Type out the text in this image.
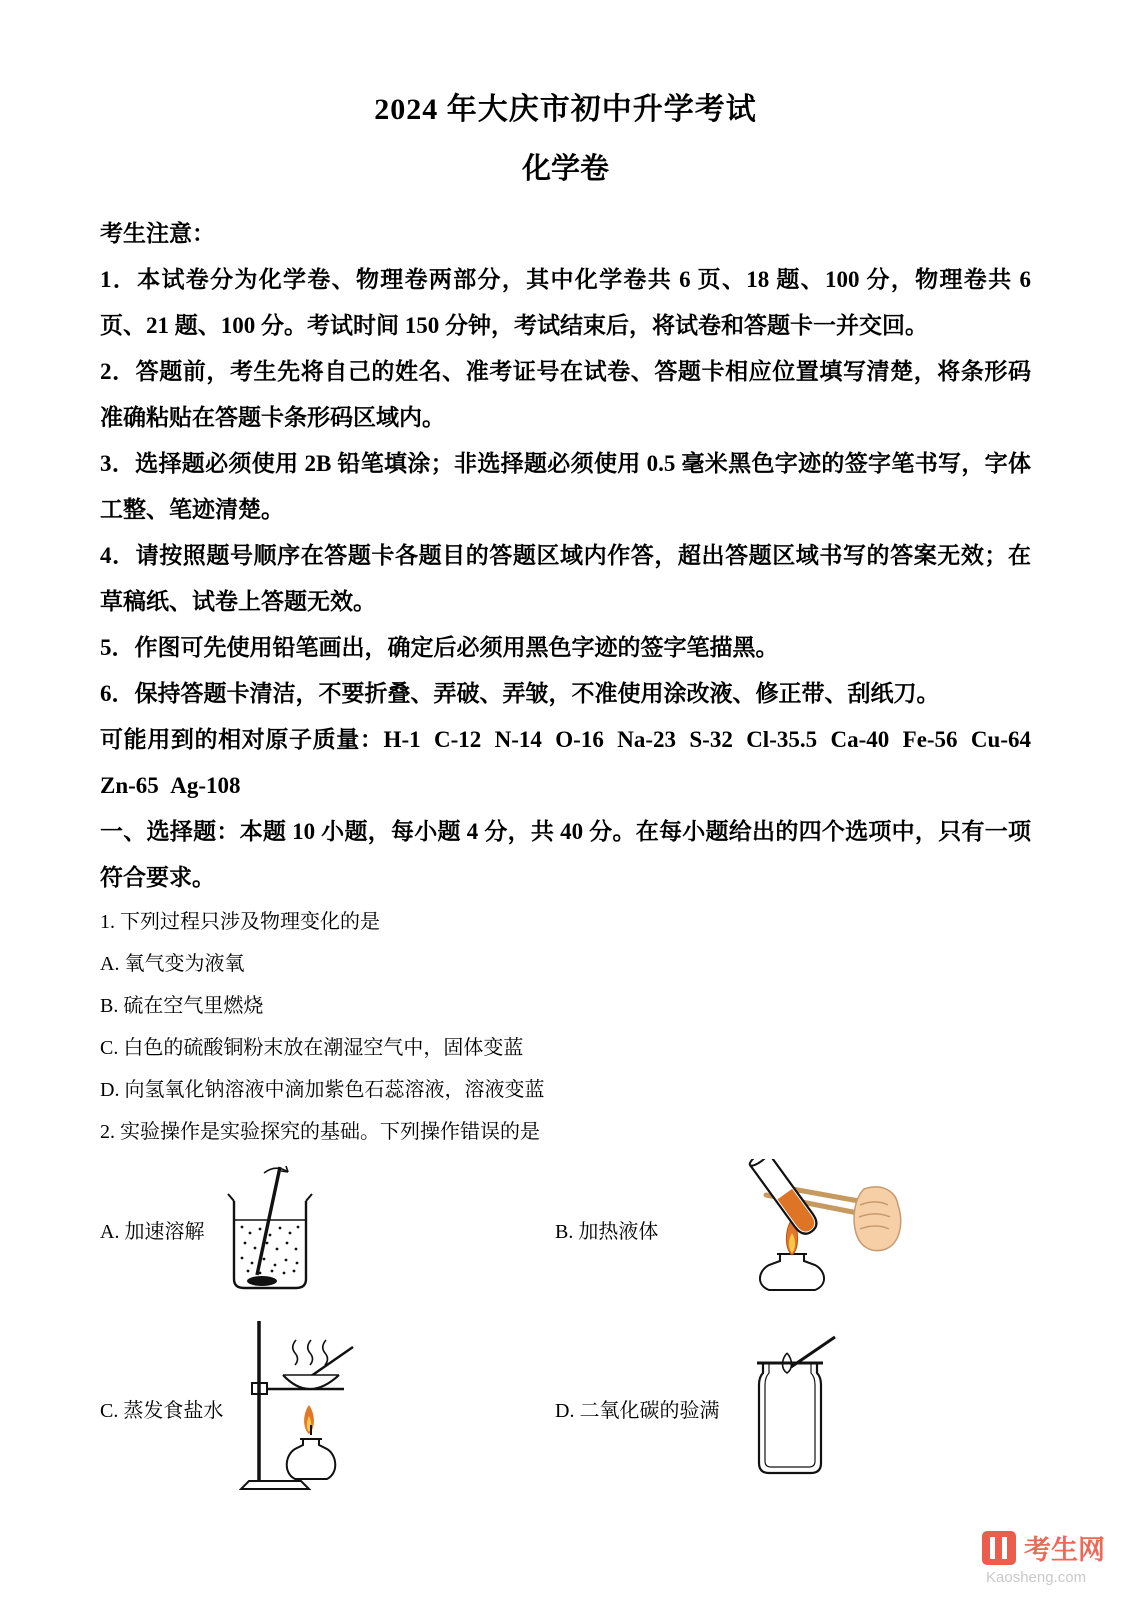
2024 年大庆市初中升学考试
化学卷

考生注意：

1．本试卷分为化学卷、物理卷两部分，其中化学卷共 6 页、18 题、100 分，物理卷共 6 页、21 题、100 分。考试时间 150 分钟，考试结束后，将试卷和答题卡一并交回。

2．答题前，考生先将自己的姓名、准考证号在试卷、答题卡相应位置填写清楚，将条形码准确粘贴在答题卡条形码区域内。

3．选择题必须使用 2B 铅笔填涂；非选择题必须使用 0.5 毫米黑色字迹的签字笔书写，字体工整、笔迹清楚。

4．请按照题号顺序在答题卡各题目的答题区域内作答，超出答题区域书写的答案无效；在草稿纸、试卷上答题无效。

5．作图可先使用铅笔画出，确定后必须用黑色字迹的签字笔描黑。

6．保持答题卡清洁，不要折叠、弄破、弄皱，不准使用涂改液、修正带、刮纸刀。

可能用到的相对原子质量：H-1 C-12 N-14 O-16 Na-23 S-32 Cl-35.5 Ca-40 Fe-56 Cu-64 Zn-65 Ag-108

一、选择题：本题 10 小题，每小题 4 分，共 40 分。在每小题给出的四个选项中，只有一项符合要求。

1. 下列过程只涉及物理变化的是

A. 氧气变为液氧

B. 硫在空气里燃烧

C. 白色的硫酸铜粉末放在潮湿空气中，固体变蓝

D. 向氢氧化钠溶液中滴加紫色石蕊溶液，溶液变蓝

2. 实验操作是实验探究的基础。下列操作错误的是

A. 加速溶解	B. 加热液体
C. 蒸发食盐水	D. 二氧化碳的验满
考生网
Kaosheng.com
